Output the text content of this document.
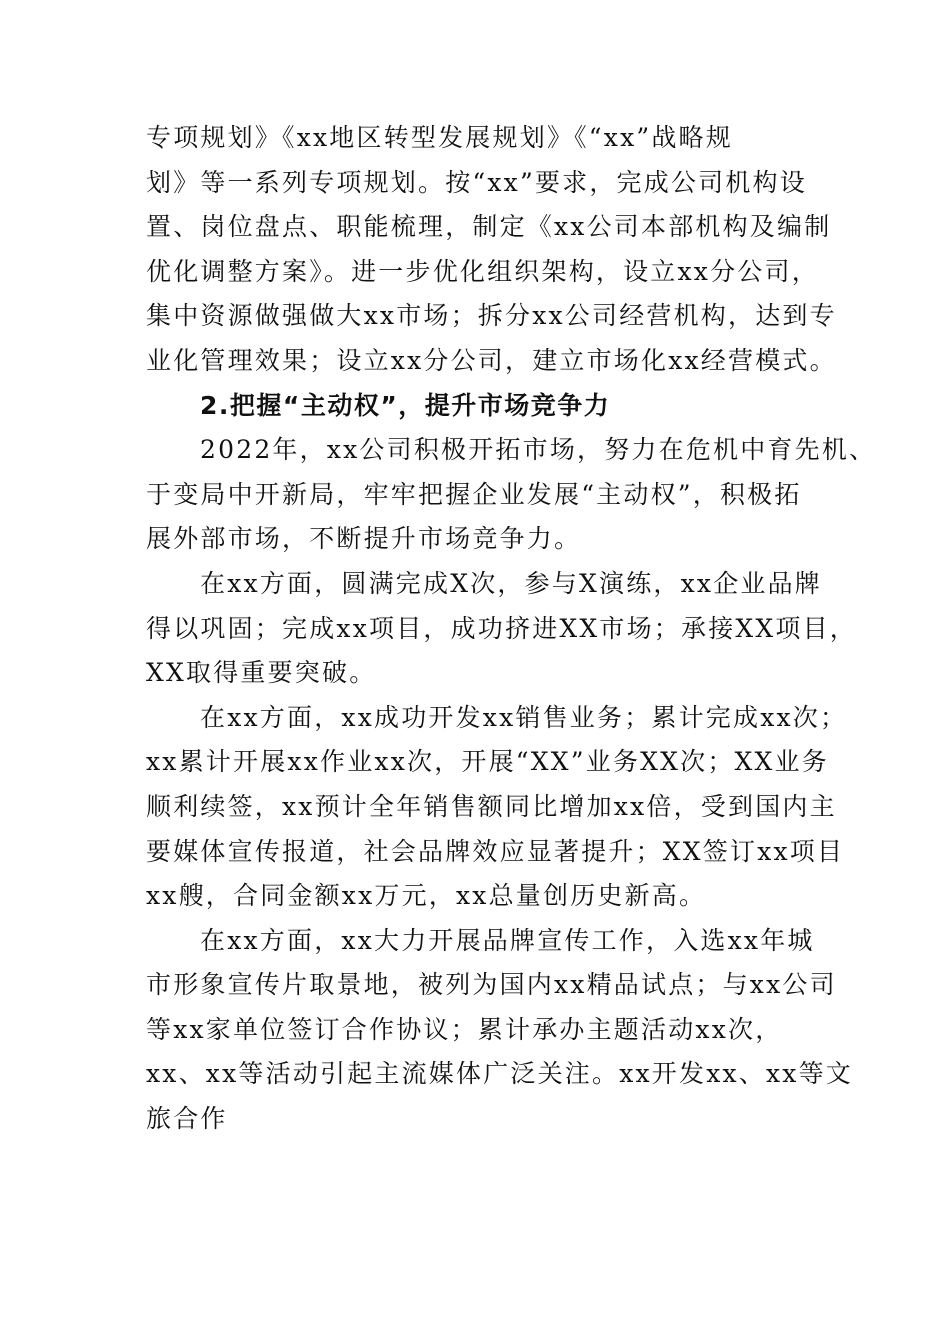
专项规划》《xx地区转型发展规划》《“xx”战略规
划》等一系列专项规划。按“xx”要求，完成公司机构设
置、岗位盘点、职能梳理，制定《xx公司本部机构及编制
优化调整方案》。进一步优化组织架构，设立xx分公司，
集中资源做强做大xx市场；拆分xx公司经营机构，达到专
业化管理效果；设立xx分公司，建立市场化xx经营模式。
2.把握“主动权”，提升市场竞争力
2022年，xx公司积极开拓市场，努力在危机中育先机、
于变局中开新局，牢牢把握企业发展“主动权”，积极拓
展外部市场，不断提升市场竞争力。
在xx方面，圆满完成X次，参与X演练，xx企业品牌
得以巩固；完成xx项目，成功挤进XX市场；承接XX项目，
XX取得重要突破。
在xx方面，xx成功开发xx销售业务；累计完成xx次；
xx累计开展xx作业xx次，开展“XX”业务XX次；XX业务
顺利续签，xx预计全年销售额同比增加xx倍，受到国内主
要媒体宣传报道，社会品牌效应显著提升；XX签订xx项目
xx艘，合同金额xx万元，xx总量创历史新高。
在xx方面，xx大力开展品牌宣传工作，入选xx年城
市形象宣传片取景地，被列为国内xx精品试点；与xx公司
等xx家单位签订合作协议；累计承办主题活动xx次，
xx、xx等活动引起主流媒体广泛关注。xx开发xx、xx等文
旅合作
